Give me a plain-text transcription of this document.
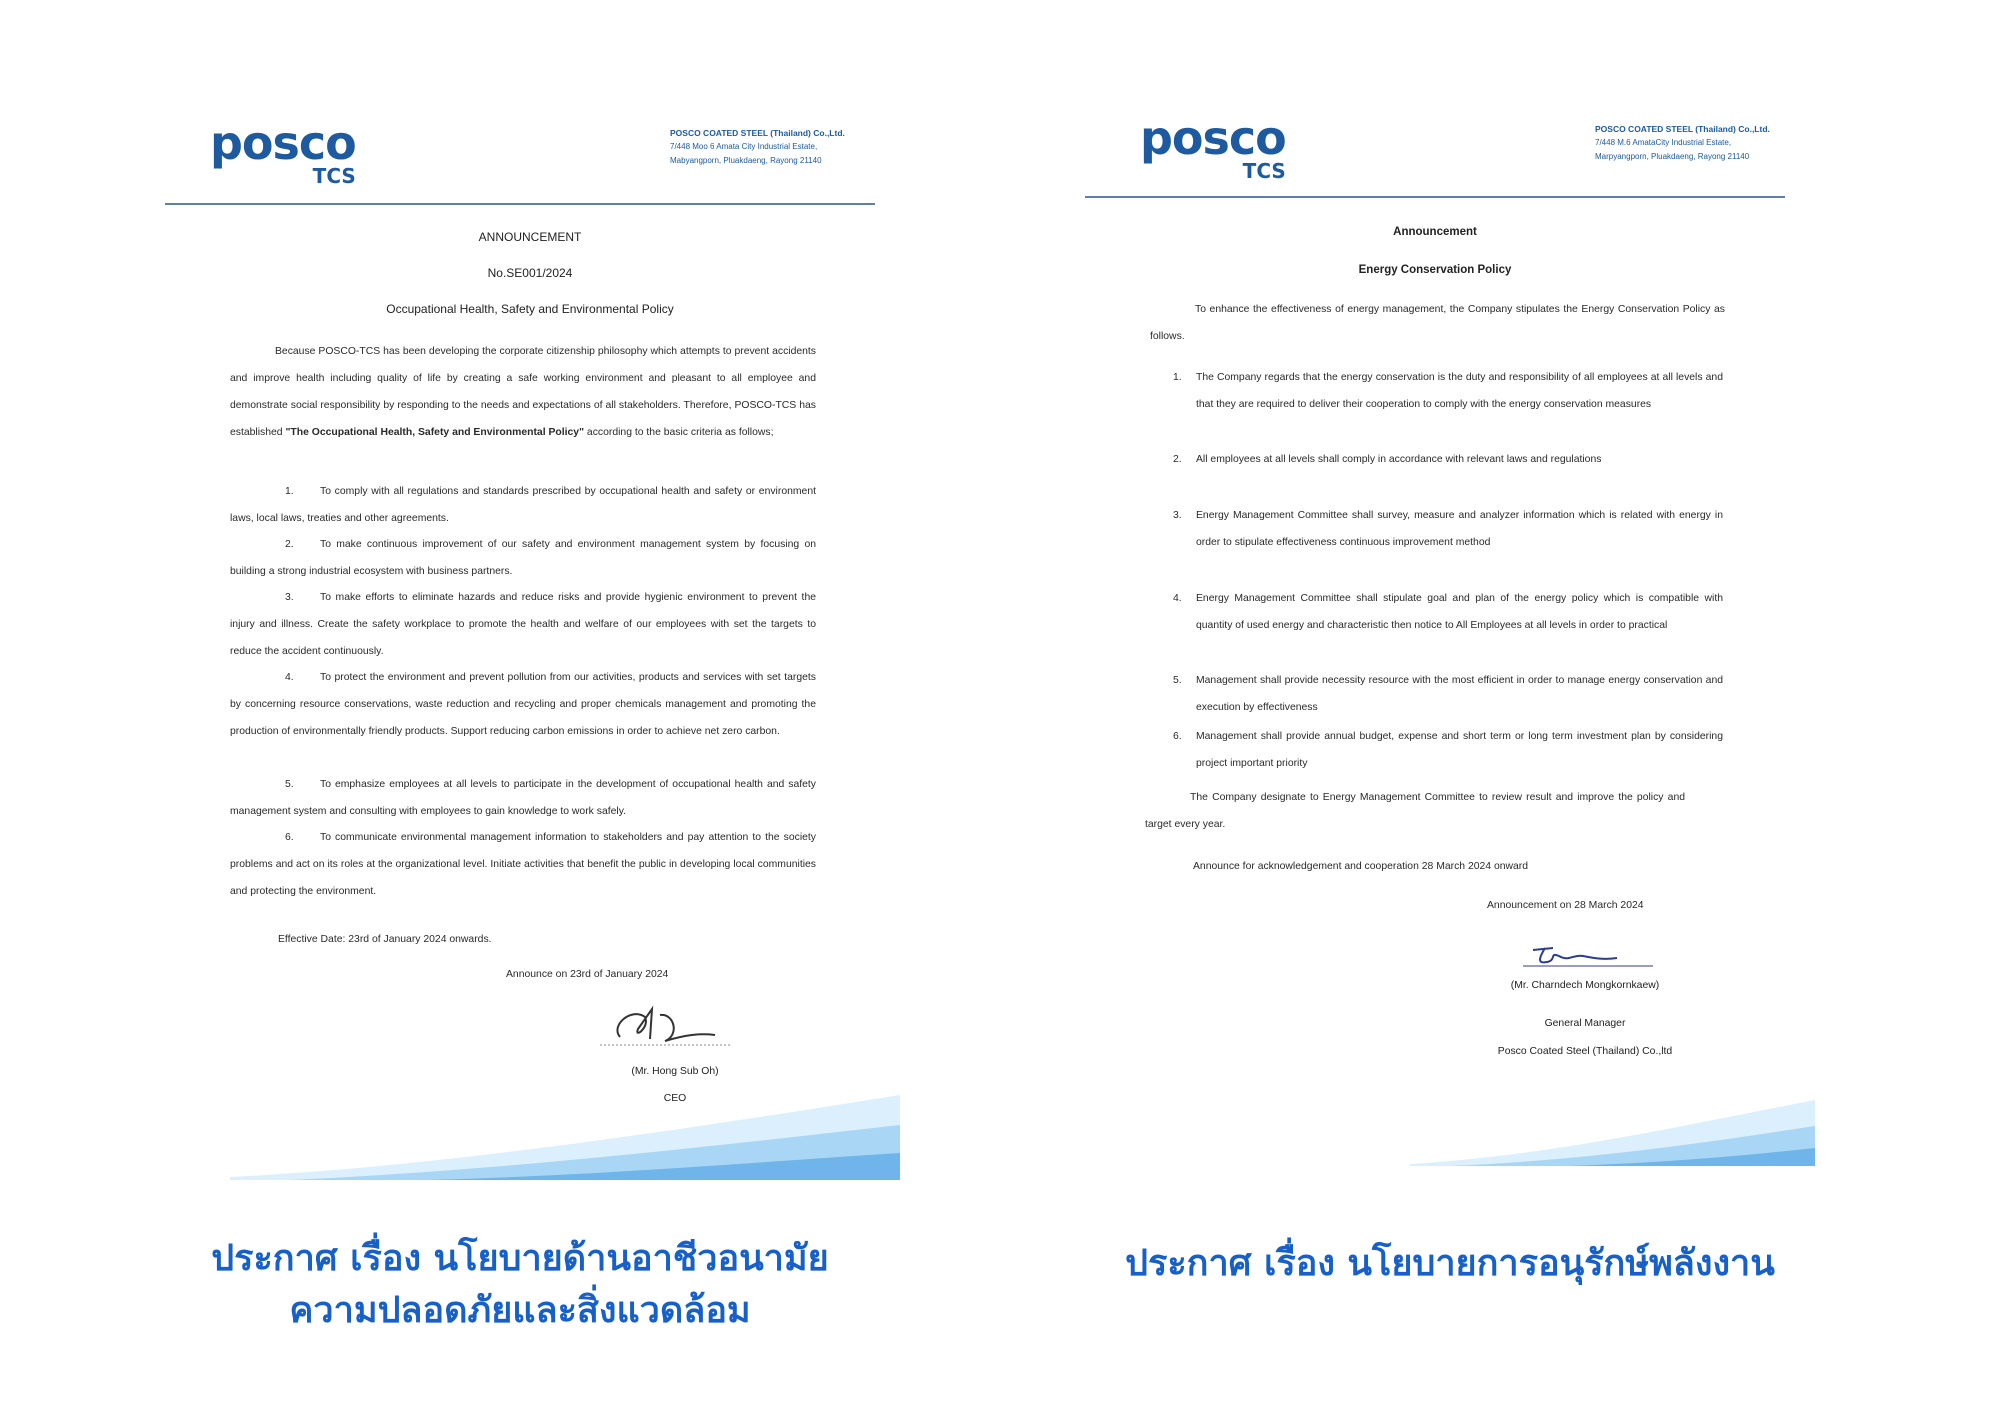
posco
TCS
POSCO COATED STEEL (Thailand) Co.,Ltd.
7/448 Moo 6 Amata City Industrial Estate,
Mabyangporn, Pluakdaeng, Rayong 21140
ANNOUNCEMENT
No.SE001/2024
Occupational Health, Safety and Environmental Policy
Because POSCO-TCS has been developing the corporate citizenship philosophy which attempts to prevent accidents and improve health including quality of life by creating a safe working environment and pleasant to all employee and demonstrate social responsibility by responding to the needs and expectations of all stakeholders. Therefore, POSCO-TCS has established "The Occupational Health, Safety and Environmental Policy" according to the basic criteria as follows;
1.	To comply with all regulations and standards prescribed by occupational health and safety or environment laws, local laws, treaties and other agreements.
2.	To make continuous improvement of our safety and environment management system by focusing on building a strong industrial ecosystem with business partners.
3.	To make efforts to eliminate hazards and reduce risks and provide hygienic environment to prevent the injury and illness. Create the safety workplace to promote the health and welfare of our employees with set the targets to reduce the accident continuously.
4.	To protect the environment and prevent pollution from our activities, products and services with set targets by concerning resource conservations, waste reduction and recycling and proper chemicals management and promoting the production of environmentally friendly products. Support reducing carbon emissions in order to achieve net zero carbon.
5.	To emphasize employees at all levels to participate in the development of occupational health and safety management system and consulting with employees to gain knowledge to work safely.
6.	To communicate environmental management information to stakeholders and pay attention to the society problems and act on its roles at the organizational level. Initiate activities that benefit the public in developing local communities and protecting the environment.
Effective Date: 23rd of January 2024 onwards.
Announce on 23rd of January 2024
(Mr. Hong Sub Oh)
CEO
posco
TCS
POSCO COATED STEEL (Thailand) Co.,Ltd.
7/448 M.6 AmataCity Industrial Estate,
Marpyangporn, Pluakdaeng, Rayong 21140
Announcement
Energy Conservation Policy
To enhance the effectiveness of energy management, the Company stipulates the Energy Conservation Policy as follows.
1.	The Company regards that the energy conservation is the duty and responsibility of all employees at all levels and that they are required to deliver their cooperation to comply with the energy conservation measures
2.	All employees at all levels shall comply in accordance with relevant laws and regulations
3.	Energy Management Committee shall survey, measure and analyzer information which is related with energy in order to stipulate effectiveness continuous improvement method
4.	Energy Management Committee shall stipulate goal and plan of the energy policy which is compatible with quantity of used energy and characteristic then notice to All Employees at all levels in order to practical
5.	Management shall provide necessity resource with the most efficient in order to manage energy conservation and execution by effectiveness
6.	Management shall provide annual budget, expense and short term or long term investment plan by considering project important priority
The Company designate to Energy Management Committee to review result and improve the policy and target every year.
Announce for acknowledgement and cooperation 28 March 2024 onward
Announcement on 28 March 2024
(Mr. Charndech Mongkornkaew)
General Manager
Posco Coated Steel (Thailand) Co.,ltd
ประกาศ เรื่อง นโยบายด้านอาชีวอนามัย
ความปลอดภัยและสิ่งแวดล้อม
ประกาศ เรื่อง นโยบายการอนุรักษ์พลังงาน
